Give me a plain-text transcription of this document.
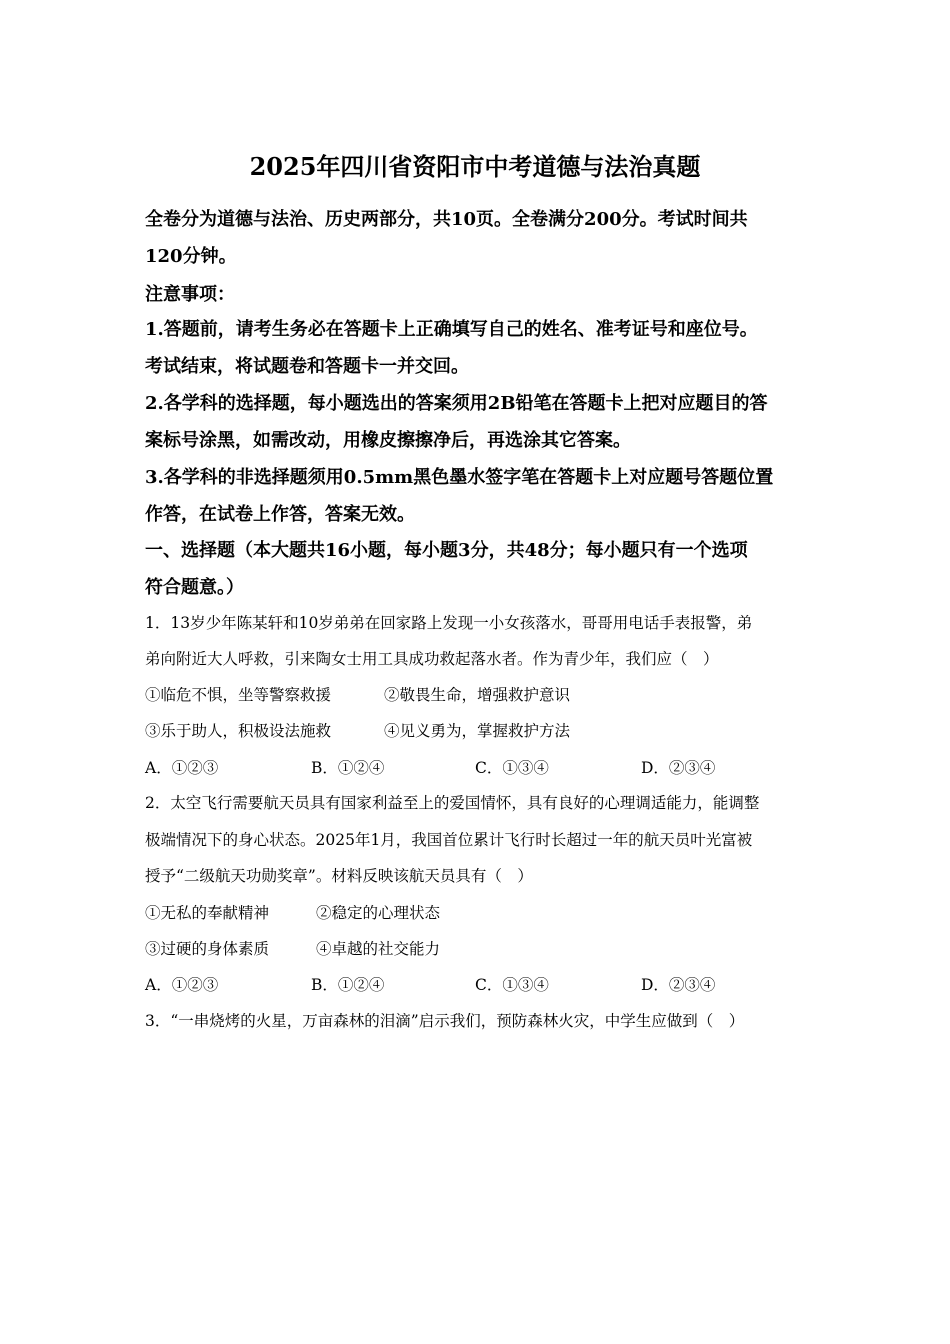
2025年四川省资阳市中考道德与法治真题
全卷分为道德与法治、历史两部分，共10页。全卷满分200分。考试时间共
120分钟。
注意事项：
1.答题前，请考生务必在答题卡上正确填写自己的姓名、准考证号和座位号。
考试结束，将试题卷和答题卡一并交回。
2.各学科的选择题，每小题选出的答案须用2B铅笔在答题卡上把对应题目的答
案标号涂黑，如需改动，用橡皮擦擦净后，再选涂其它答案。
3.各学科的非选择题须用0.5mm黑色墨水签字笔在答题卡上对应题号答题位置
作答，在试卷上作答，答案无效。
一、选择题（本大题共16小题，每小题3分，共48分；每小题只有一个选项
符合题意。）
1．13岁少年陈某轩和10岁弟弟在回家路上发现一小女孩落水，哥哥用电话手表报警，弟
弟向附近大人呼救，引来陶女士用工具成功救起落水者。作为青少年，我们应（　）
①临危不惧，坐等警察救援	②敬畏生命，增强救护意识
③乐于助人，积极设法施救	④见义勇为，掌握救护方法
A．①②③	B．①②④	C．①③④	D．②③④
2．太空飞行需要航天员具有国家利益至上的爱国情怀，具有良好的心理调适能力，能调整
极端情况下的身心状态。2025年1月，我国首位累计飞行时长超过一年的航天员叶光富被
授予“二级航天功勋奖章”。材料反映该航天员具有（　）
①无私的奉献精神	②稳定的心理状态
③过硬的身体素质	④卓越的社交能力
A．①②③	B．①②④	C．①③④	D．②③④
3．“一串烧烤的火星，万亩森林的泪滴”启示我们，预防森林火灾，中学生应做到（　）
